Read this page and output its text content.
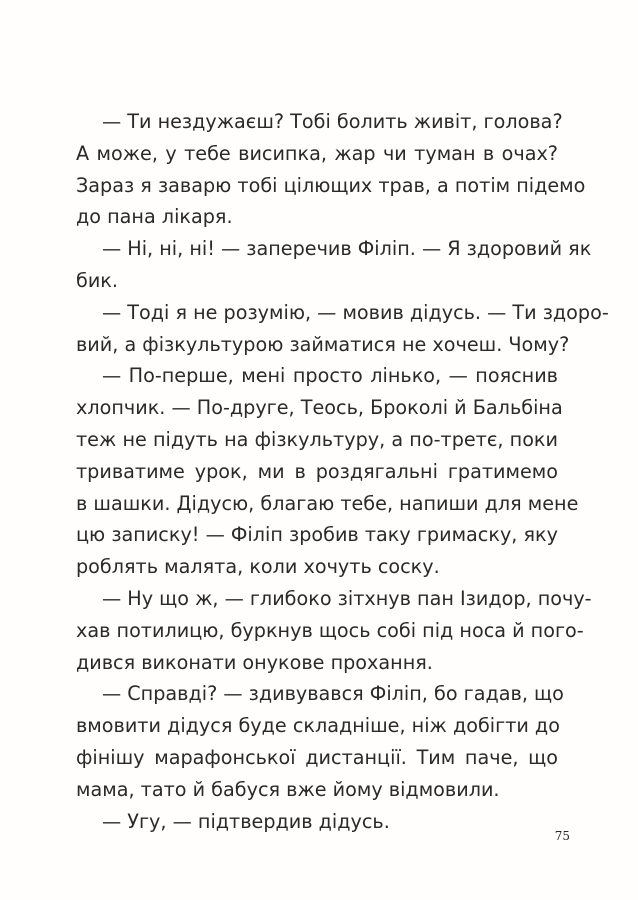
— Ти нездужаєш? Тобі болить живіт, голова?
А може, у тебе висипка, жар чи туман в очах?
Зараз я заварю тобі цілющих трав, а потім підемо
до пана лікаря.
— Ні, ні, ні! — заперечив Філіп. — Я здоровий як
бик.
— Тоді я не розумію, — мовив дідусь. — Ти здоро-
вий, а фізкультурою займатися не хочеш. Чому?
— По-перше, мені просто лінько, — пояснив
хлопчик. — По-друге, Теось, Броколі й Бальбіна
теж не підуть на фізкультуру, а по-третє, поки
триватиме урок, ми в роздягальні гратимемо
в шашки. Дідусю, благаю тебе, напиши для мене
цю записку! — Філіп зробив таку гримаску, яку
роблять малята, коли хочуть соску.
— Ну що ж, — глибоко зітхнув пан Ізидор, почу-
хав потилицю, буркнув щось собі під носа й пого-
дився виконати онукове прохання.
— Справді? — здивувався Філіп, бо гадав, що
вмовити дідуся буде складніше, ніж добігти до
фінішу марафонської дистанції. Тим паче, що
мама, тато й бабуся вже йому відмовили.
— Угу, — підтвердив дідусь.
75
